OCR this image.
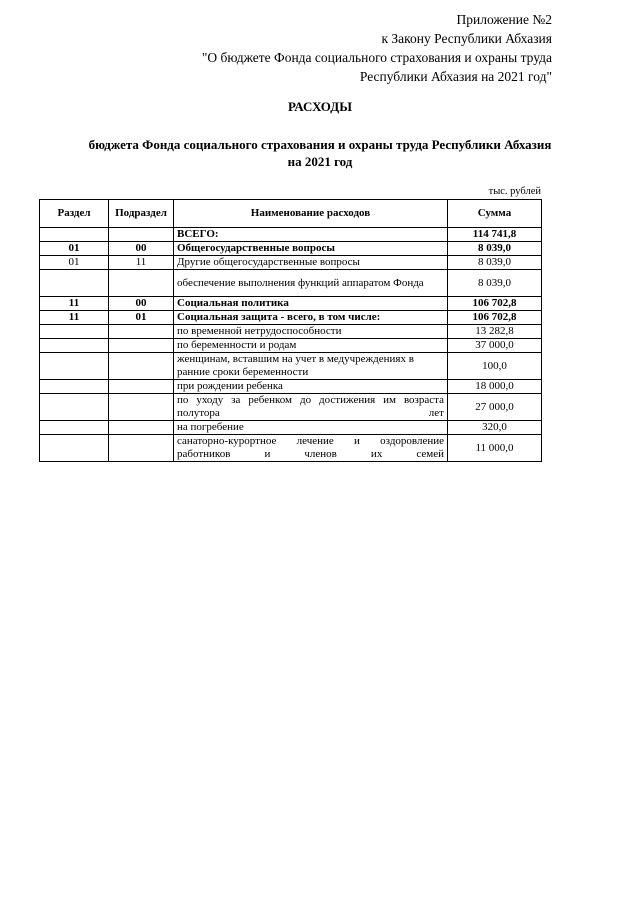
Приложение №2
к Закону Республики Абхазия
"О бюджете Фонда социального страхования и охраны труда
Республики Абхазия на 2021 год"
РАСХОДЫ
бюджета Фонда социального страхования и охраны труда Республики Абхазия
на 2021 год
тыс. рублей
Раздел	Подраздел	Наименование расходов	Сумма
		ВСЕГО:	114 741,8
01	00	Общегосударственные вопросы	8 039,0
01	11	Другие общегосударственные вопросы	8 039,0
		обеспечение выполнения функций аппаратом Фонда	8 039,0
11	00	Социальная политика	106 702,8
11	01	Социальная защита - всего, в том числе:	106 702,8
		по временной нетрудоспособности	13 282,8
		по беременности и родам	37 000,0
		женщинам, вставшим на учет в медучреждениях в ранние сроки беременности	100,0
		при рождении ребенка	18 000,0
		по уходу за ребенком до достижения им возраста полутора лет	27 000,0
		на погребение	320,0
		санаторно-курортное лечение и оздоровление работников и членов их семей	11 000,0
